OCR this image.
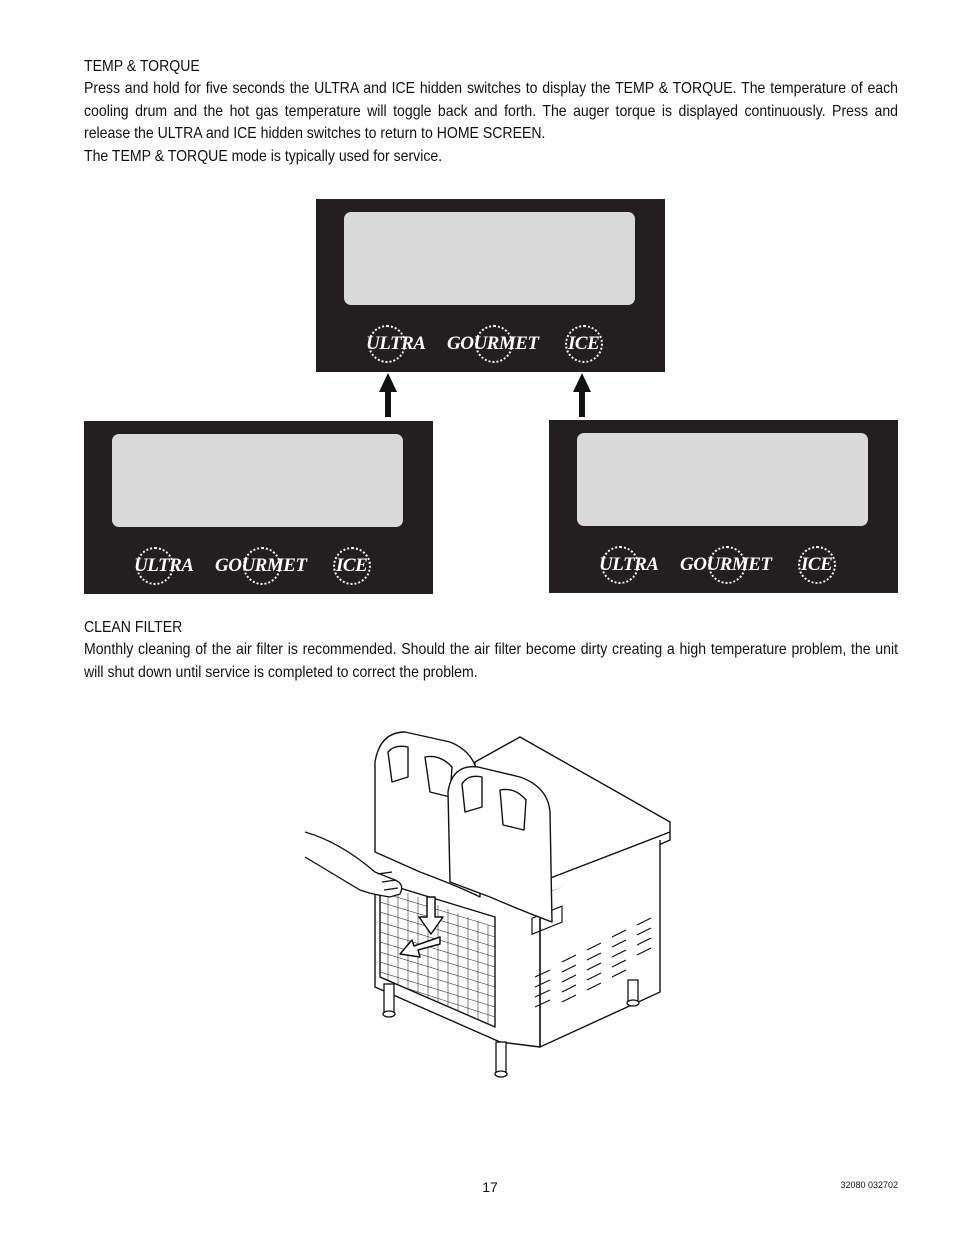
TEMP & TORQUE
Press and hold for five seconds the ULTRA and ICE hidden switches to display the TEMP & TORQUE. The temperature of each cooling drum and the hot gas temperature will toggle back and forth. The auger torque is displayed continuously. Press and release the ULTRA and ICE hidden switches to return to HOME SCREEN.
The TEMP & TORQUE mode is typically used for service.
ULTRA GOURMET ICE
ULTRA GOURMET ICE	ULTRA GOURMET ICE
CLEAN FILTER
Monthly cleaning of the air filter is recommended. Should the air filter become dirty creating a high temperature problem, the unit will shut down until service is completed to correct the problem.
17	32080 032702
